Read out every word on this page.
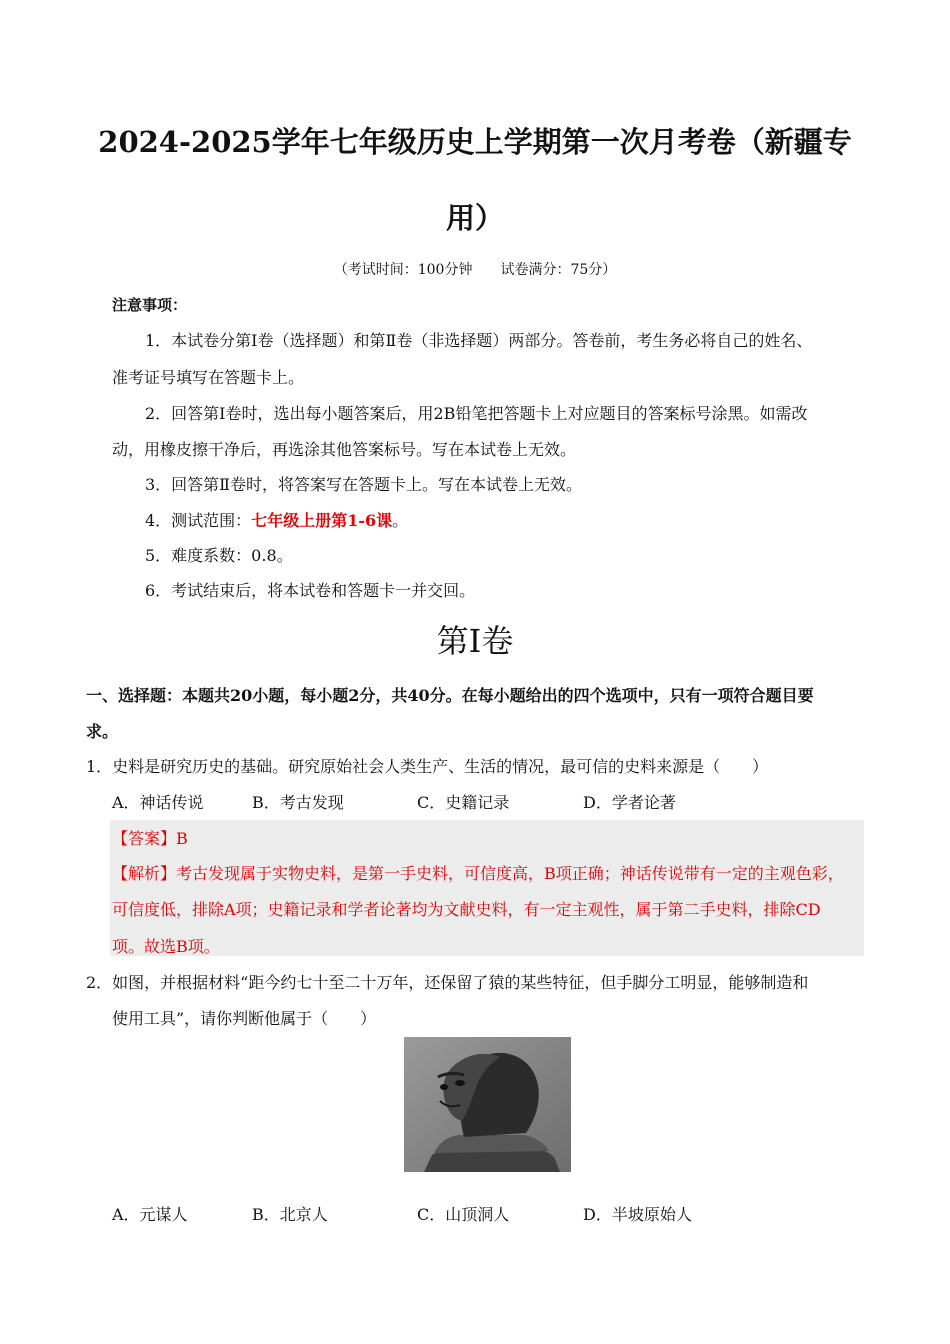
2024-2025学年七年级历史上学期第一次月考卷（新疆专
用）
（考试时间：100分钟　　试卷满分：75分）
注意事项：
1．本试卷分第Ⅰ卷（选择题）和第Ⅱ卷（非选择题）两部分。答卷前，考生务必将自己的姓名、
准考证号填写在答题卡上。
2．回答第Ⅰ卷时，选出每小题答案后，用2B铅笔把答题卡上对应题目的答案标号涂黑。如需改
动，用橡皮擦干净后，再选涂其他答案标号。写在本试卷上无效。
3．回答第Ⅱ卷时，将答案写在答题卡上。写在本试卷上无效。
4．测试范围：七年级上册第1-6课。
5．难度系数：0.8。
6．考试结束后，将本试卷和答题卡一并交回。
第Ⅰ卷
一、选择题：本题共20小题，每小题2分，共40分。在每小题给出的四个选项中，只有一项符合题目要
求。
1．史料是研究历史的基础。研究原始社会人类生产、生活的情况，最可信的史料来源是（　　）
A．神话传说	B．考古发现	C．史籍记录	D．学者论著
【答案】B
【解析】考古发现属于实物史料，是第一手史料，可信度高，B项正确；神话传说带有一定的主观色彩，
可信度低，排除A项；史籍记录和学者论著均为文献史料，有一定主观性，属于第二手史料，排除CD
项。故选B项。
2．如图，并根据材料“距今约七十至二十万年，还保留了猿的某些特征，但手脚分工明显，能够制造和
使用工具”，请你判断他属于（　　）
A．元谋人	B．北京人	C．山顶洞人	D．半坡原始人
